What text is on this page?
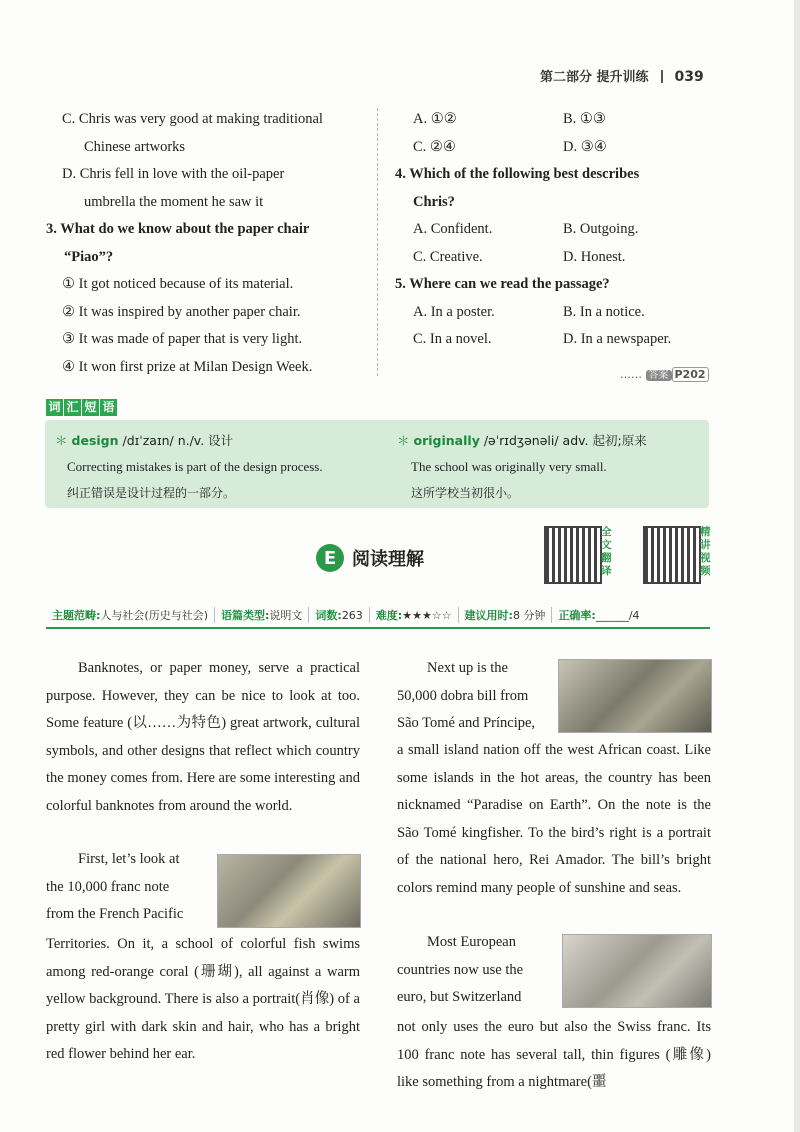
第二部分 提升训练 039
C. Chris was very good at making traditional
Chinese artworks
D. Chris fell in love with the oil-paper
umbrella the moment he saw it
3. What do we know about the paper chair
“Piao”?
① It got noticed because of its material.
② It was inspired by another paper chair.
③ It was made of paper that is very light.
④ It won first prize at Milan Design Week.
A. ①②	B. ①③
C. ②④	D. ③④
4. Which of the following best describes
Chris?
A. Confident.	B. Outgoing.
C. Creative.	D. Honest.
5. Where can we read the passage?
A. In a poster.	B. In a notice.
C. In a novel.	D. In a newspaper.
…… 答案 P202
词 汇 短 语
＊ design /dɪˈzaɪn/ n./v. 设计
Correcting mistakes is part of the design process.
纠正错误是设计过程的一部分。
＊ originally /əˈrɪdʒənəli/ adv. 起初;原来
The school was originally very small.
这所学校当初很小。
E 阅读理解
全
文
翻
译
精
讲
视
频
主题范畴:人与社会(历史与社会)	语篇类型:说明文	词数:263	难度:★★★☆☆	建议用时:8 分钟	正确率:______/4
Banknotes, or paper money, serve a practical purpose. However, they can be nice to look at too. Some feature (以……为特色) great artwork, cultural symbols, and other designs that reflect which country the money comes from. Here are some interesting and colorful banknotes from around the world.
First, let’s look at
the 10,000 franc note
from the French Pacific
Territories. On it, a school of colorful fish swims among red-orange coral (珊瑚), all against a warm yellow background. There is also a portrait(肖像) of a pretty girl with dark skin and hair, who has a bright red flower behind her ear.
Next up is the
50,000 dobra bill from
São Tomé and Príncipe,
a small island nation off the west African coast. Like some islands in the hot areas, the country has been nicknamed “Paradise on Earth”. On the note is the São Tomé kingfisher. To the bird’s right is a portrait of the national hero, Rei Amador. The bill’s bright colors remind many people of sunshine and seas.
Most European
countries now use the
euro, but Switzerland
not only uses the euro but also the Swiss franc. Its 100 franc note has several tall, thin figures (雕像) like something from a nightmare(噩
